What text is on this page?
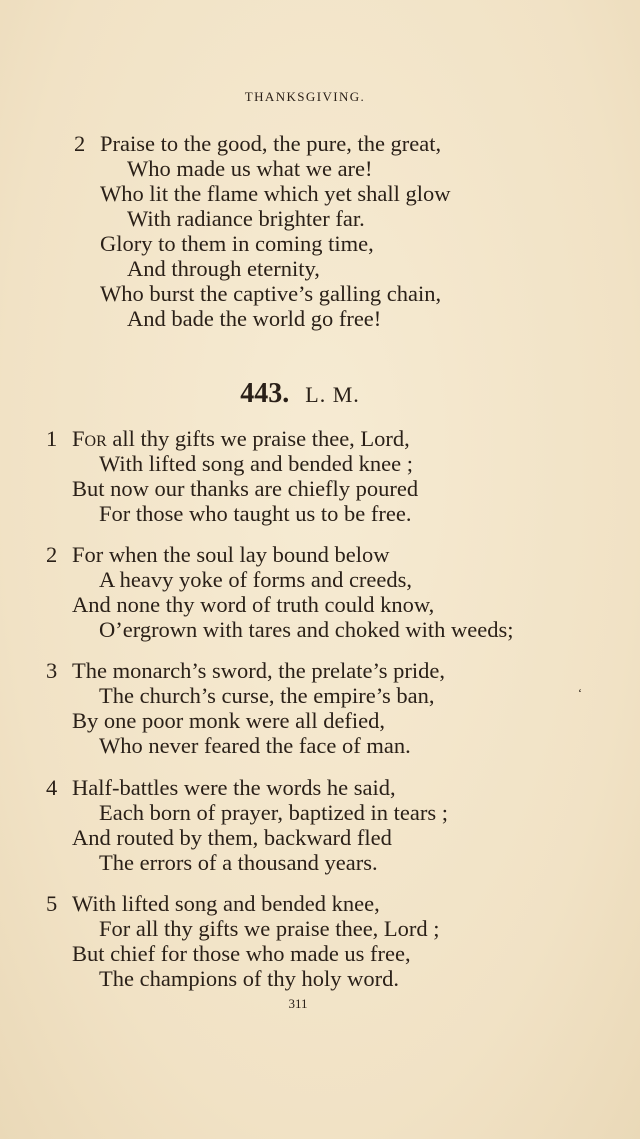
THANKSGIVING.
2 Praise to the good, the pure, the great,
Who made us what we are!
Who lit the flame which yet shall glow
With radiance brighter far.
Glory to them in coming time,
And through eternity,
Who burst the captive’s galling chain,
And bade the world go free!
443. L. M.
1 For all thy gifts we praise thee, Lord,
With lifted song and bended knee ;
But now our thanks are chiefly poured
For those who taught us to be free.
2 For when the soul lay bound below
A heavy yoke of forms and creeds,
And none thy word of truth could know,
O’ergrown with tares and choked with weeds;
3 The monarch’s sword, the prelate’s pride,
The church’s curse, the empire’s ban,
By one poor monk were all defied,
Who never feared the face of man.
4 Half-battles were the words he said,
Each born of prayer, baptized in tears ;
And routed by them, backward fled
The errors of a thousand years.
5 With lifted song and bended knee,
For all thy gifts we praise thee, Lord ;
But chief for those who made us free,
The champions of thy holy word.
‘
311
